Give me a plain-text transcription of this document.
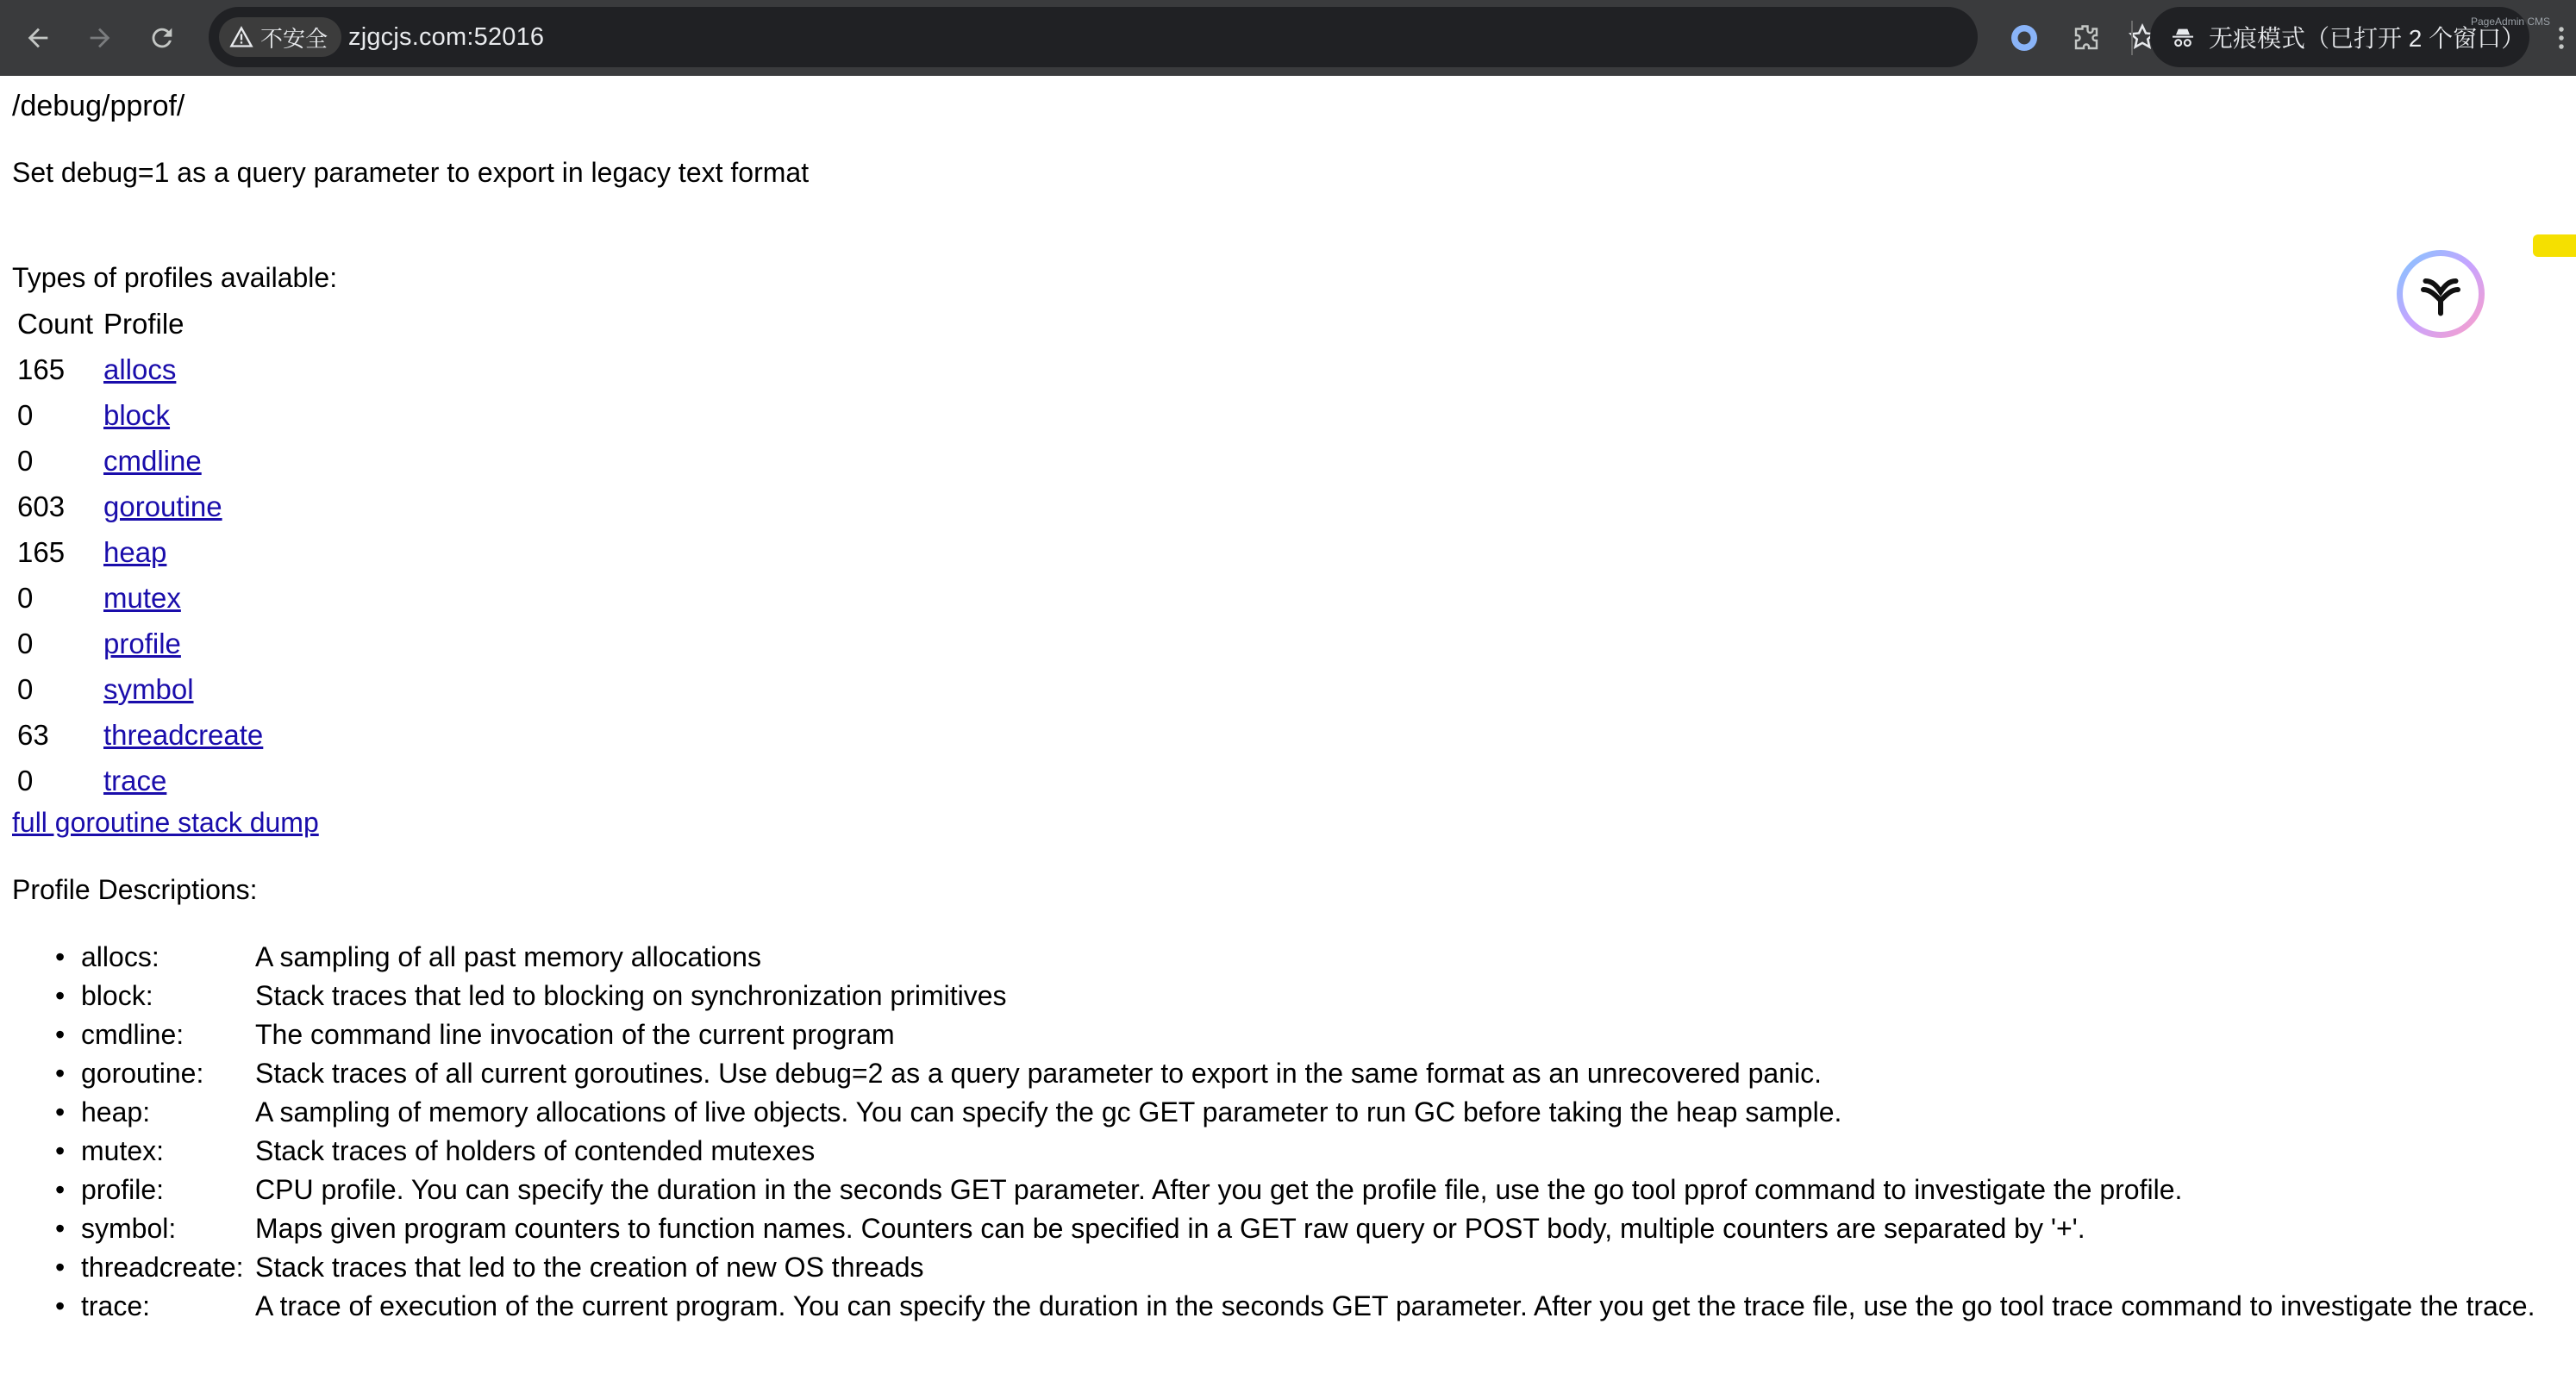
不安全 zjgcjs.com:52016	无痕模式（已打开 2 个窗口）
PageAdmin CMS
/debug/pprof/
Set debug=1 as a query parameter to export in legacy text format
Types of profiles available:
Count	Profile
165	allocs
0	block
0	cmdline
603	goroutine
165	heap
0	mutex
0	profile
0	symbol
63	threadcreate
0	trace
full goroutine stack dump
Profile Descriptions:
• allocs:	A sampling of all past memory allocations
• block:	Stack traces that led to blocking on synchronization primitives
• cmdline:	The command line invocation of the current program
• goroutine: Stack traces of all current goroutines. Use debug=2 as a query parameter to export in the same format as an unrecovered panic.
• heap:	A sampling of memory allocations of live objects. You can specify the gc GET parameter to run GC before taking the heap sample.
• mutex:	Stack traces of holders of contended mutexes
• profile:	CPU profile. You can specify the duration in the seconds GET parameter. After you get the profile file, use the go tool pprof command to investigate the profile.
• symbol:	Maps given program counters to function names. Counters can be specified in a GET raw query or POST body, multiple counters are separated by '+'.
• threadcreate: Stack traces that led to the creation of new OS threads
• trace:	A trace of execution of the current program. You can specify the duration in the seconds GET parameter. After you get the trace file, use the go tool trace command to investigate the trace.
